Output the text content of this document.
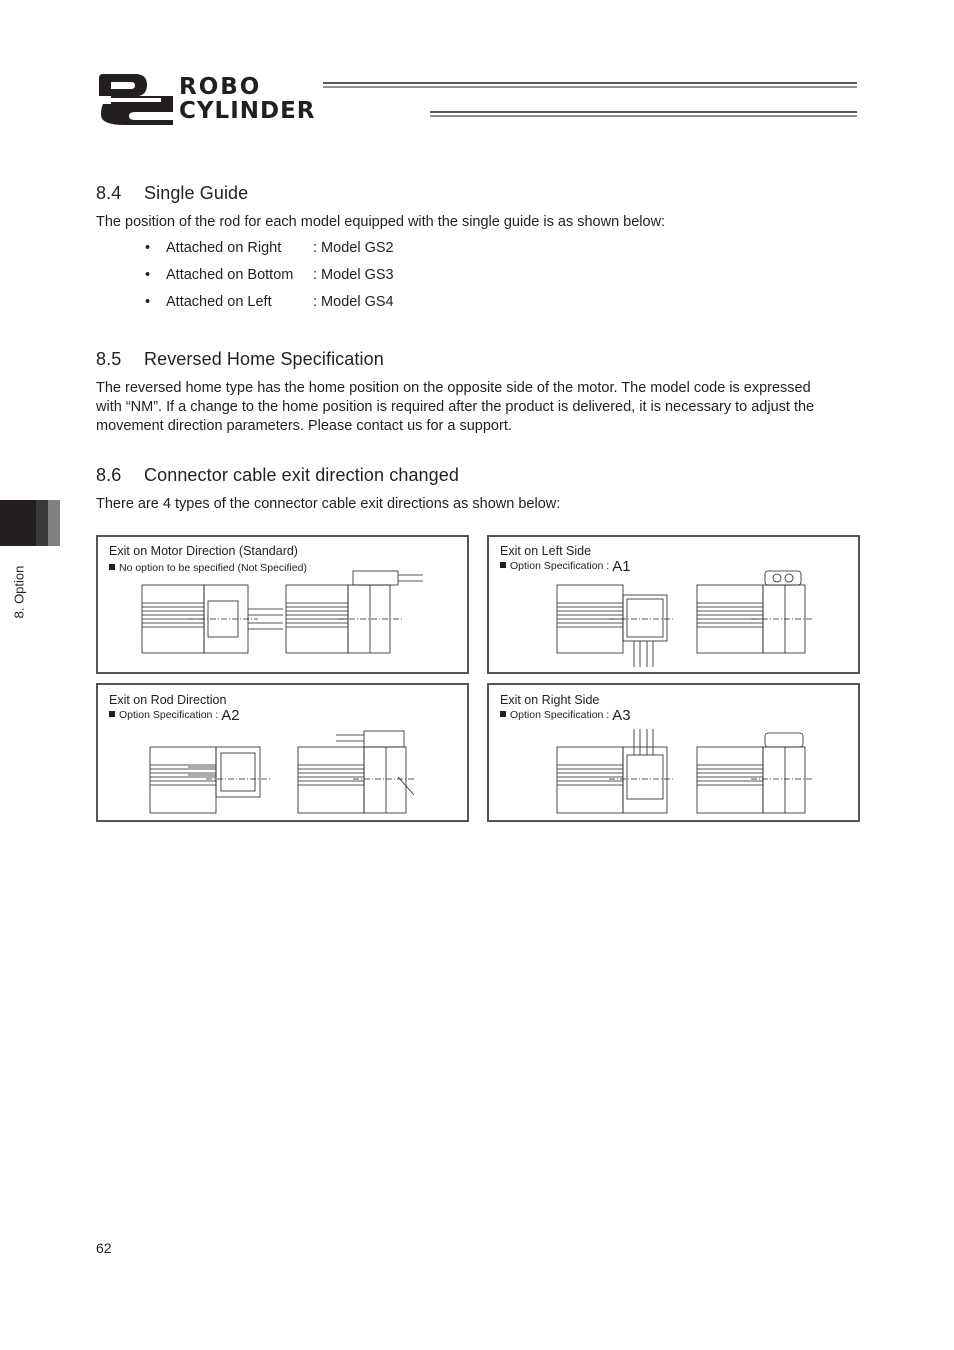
ROBO
CYLINDER
8.4 Single Guide

The position of the rod for each model equipped with the single guide is as shown below:

• Attached on Right : Model GS2
• Attached on Bottom : Model GS3
• Attached on Left	: Model GS4
8.5 Reversed Home Specification

The reversed home type has the home position on the opposite side of the motor. The model code is expressed with “NM”. If a change to the home position is required after the product is delivered, it is necessary to adjust the movement direction parameters. Please contact us for a support.

8.6 Connector cable exit direction changed

There are 4 types of the connector cable exit directions as shown below:

8. Option
Exit on Motor Direction (Standard)
No option to be specified (Not Specified)
Exit on Left Side
Option Specification : A1
Exit on Rod Direction
Option Specification : A2
Exit on Right Side
Option Specification : A3
62
